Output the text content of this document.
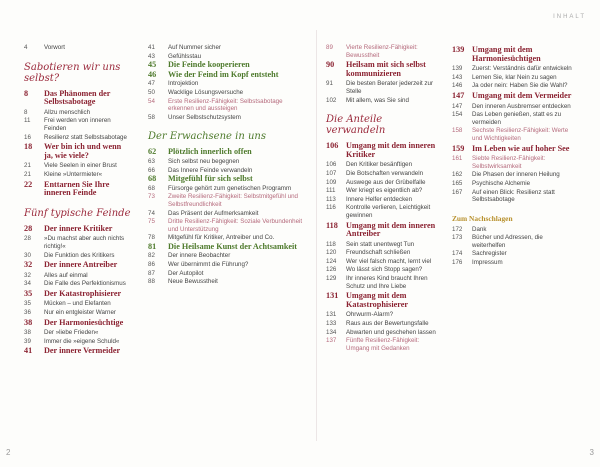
INHALT
4	Vorwort
Sabotieren wir uns selbst?
8	Das Phänomen der Selbstsabotage
8	Allzu menschlich
11	Frei werden von inneren Feinden
16	Resilienz statt Selbstsabotage
18	Wer bin ich und wenn ja, wie viele?
21	Viele Seelen in einer Brust
21	Kleine »Untermieter«
22	Enttarnen Sie Ihre inneren Feinde
Fünf typische Feinde
28	Der innere Kritiker
28	»Du machst aber auch nichts richtig!«
30	Die Funktion des Kritikers
32	Der innere Antreiber
32	Alles auf einmal
34	Die Falle des Perfektionismus
35	Der Katastrophisierer
35	Mücken – und Elefanten
36	Nur ein entgleister Warner
38	Der Harmoniesüchtige
38	Der »liebe Frieden«
39	Immer die »eigene Schuld«
41	Der innere Vermeider
41	Auf Nummer sicher
43	Gefühlsstau
45	Die Feinde kooperieren
46	Wie der Feind im Kopf entsteht
47	Introjektion
50	Wacklige Lösungsversuche
54	Erste Resilienz-Fähigkeit: Selbstsabotage erkennen und aussteigen
58	Unser Selbstschutzsystem
Der Erwachsene in uns
62	Plötzlich innerlich offen
63	Sich selbst neu begegnen
66	Das Innere Feinde verwandeln
68	Mitgefühl für sich selbst
68	Fürsorge gehört zum genetischen Programm
73	Zweite Resilienz-Fähigkeit: Selbstmitgefühl und Selbstfreundlichkeit
74	Das Präsent der Aufmerksamkeit
75	Dritte Resilienz-Fähigkeit: Soziale Verbundenheit und Unterstützung
78	Mitgefühl für Kritiker, Antreiber und Co.
81	Die Heilsame Kunst der Achtsamkeit
82	Der innere Beobachter
86	Wer übernimmt die Führung?
87	Der Autopilot
88	Neue Bewusstheit
89	Vierte Resilienz-Fähigkeit: Bewusstheit
90	Heilsam mit sich selbst kommunizieren
91	Die besten Berater jederzeit zur Stelle
102	Mit allem, was Sie sind
Die Anteile verwandeln
106 Umgang mit dem inneren Kritiker
106	Den Kritiker besänftigen
107	Die Botschaften verwandeln
109	Auswege aus der Grübelfalle
111	Wer kriegt es eigentlich ab?
113	Innere Helfer entdecken
116	Kontrolle verlieren, Leichtigkeit gewinnen
118 Umgang mit dem inneren Antreiber
118	Sein statt unentwegt Tun
120	Freundschaft schließen
124	Wer viel falsch macht, lernt viel
126	Wo lässt sich Stopp sagen?
129	Ihr inneres Kind braucht Ihren Schutz und Ihre Liebe
131 Umgang mit dem Katastrophisierer
131	Ohrwurm-Alarm?
133	Raus aus der Bewertungsfalle
134	Abwarten und geschehen lassen
137	Fünfte Resilienz-Fähigkeit: Umgang mit Gedanken
139 Umgang mit dem Harmoniesüchtigen
139	Zuerst: Verständnis dafür entwickeln
143	Lernen Sie, klar Nein zu sagen
146	Ja oder nein: Haben Sie die Wahl?
147 Umgang mit dem Vermeider
147	Den inneren Ausbremser entdecken
154	Das Leben genießen, statt es zu vermeiden
158	Sechste Resilienz-Fähigkeit: Werte und Wichtigkeiten
159 Im Leben wie auf hoher See
161	Siebte Resilienz-Fähigkeit: Selbstwirksamkeit
162	Die Phasen der inneren Heilung
165	Psychische Alchemie
167	Auf einen Blick: Resilienz statt Selbstsabotage
Zum Nachschlagen
172	Dank
173	Bücher und Adressen, die weiterhelfen
174	Sachregister
176	Impressum
2	3
